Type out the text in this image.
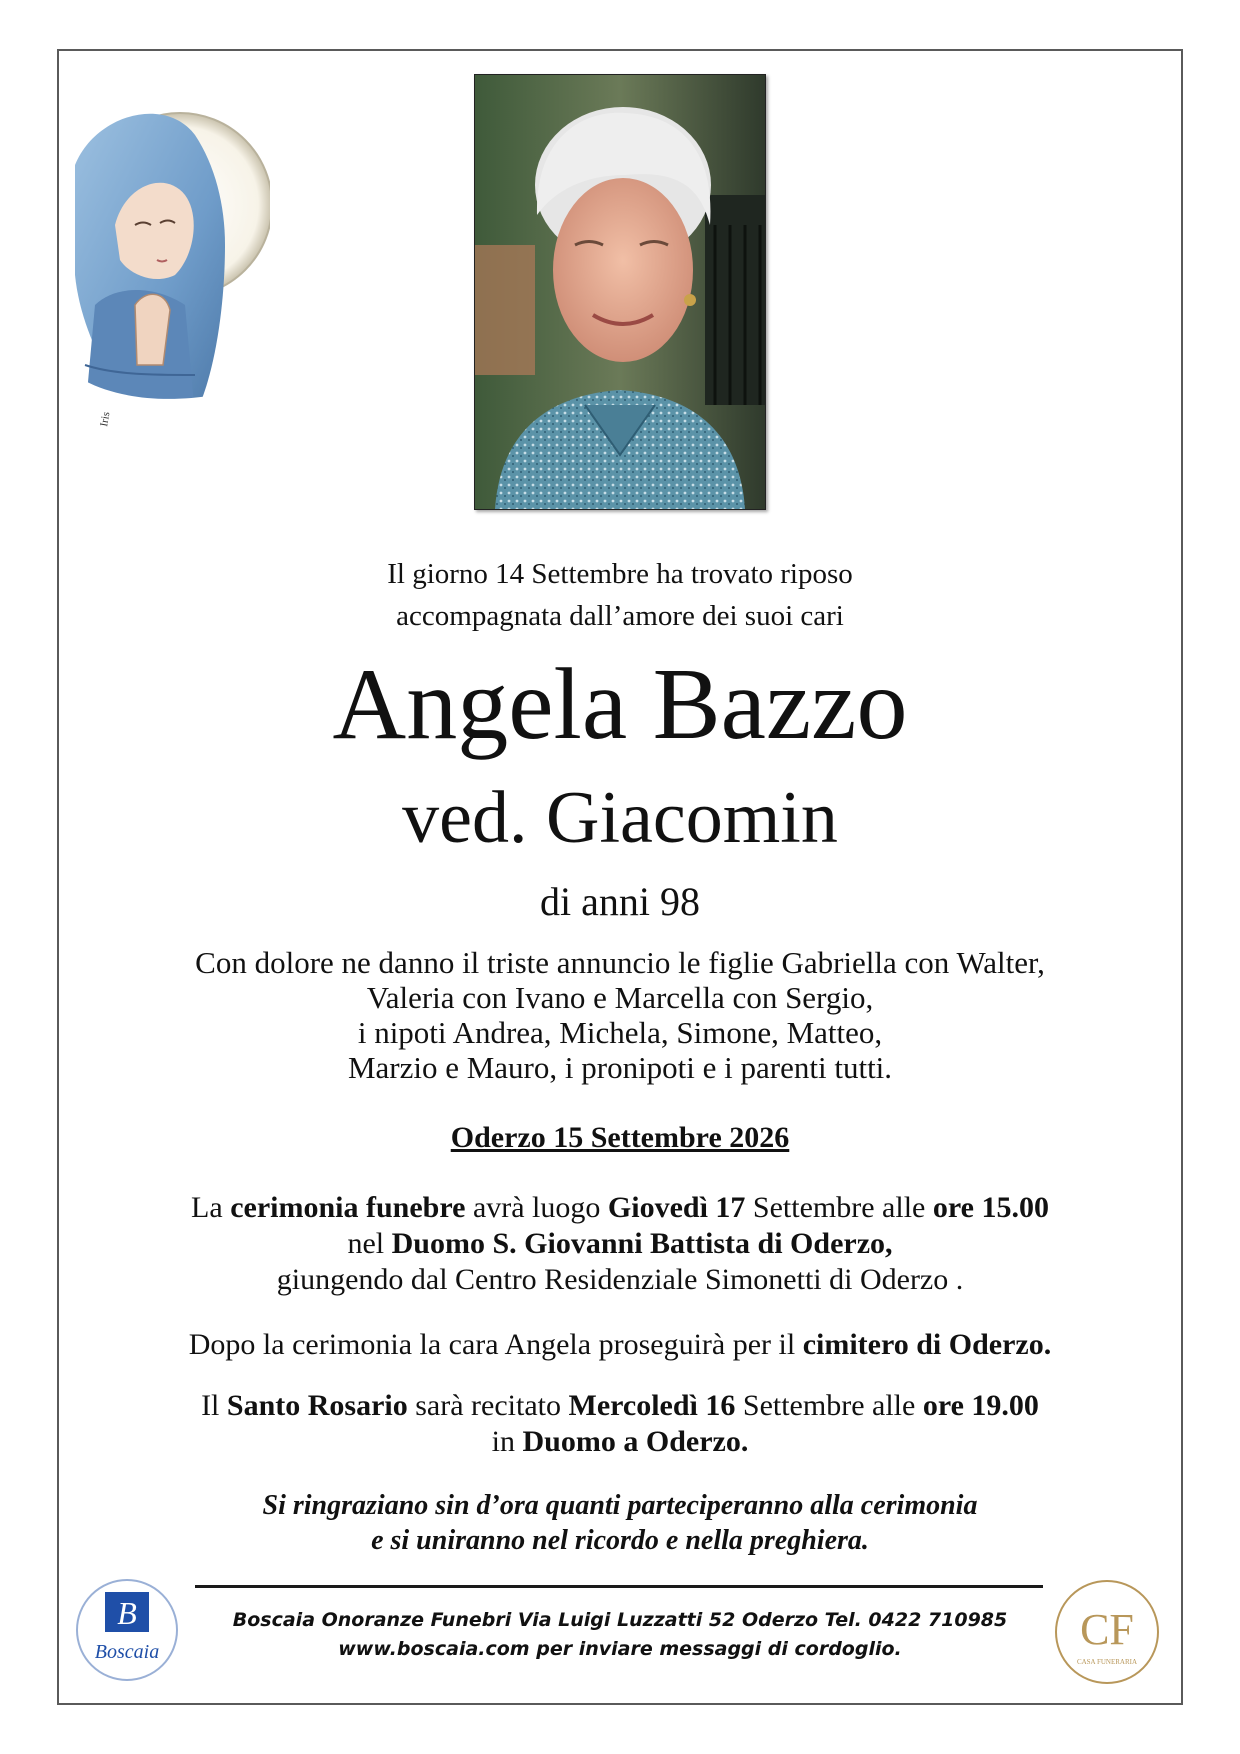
Iris
Il giorno 14 Settembre ha trovato riposo
accompagnata dall’amore dei suoi cari
Angela Bazzo
ved. Giacomin
di anni 98
Con dolore ne danno il triste annuncio le figlie Gabriella con Walter,
Valeria con Ivano e Marcella con Sergio,
i nipoti Andrea, Michela, Simone, Matteo,
Marzio e Mauro, i pronipoti e i parenti tutti.
Oderzo 15 Settembre 2026
La cerimonia funebre avrà luogo Giovedì 17 Settembre alle ore 15.00
nel Duomo S. Giovanni Battista di Oderzo,
giungendo dal Centro Residenziale Simonetti di Oderzo .
Dopo la cerimonia la cara Angela proseguirà per il cimitero di Oderzo.
Il Santo Rosario sarà recitato Mercoledì 16 Settembre alle ore 19.00
in Duomo a Oderzo.
Si ringraziano sin d’ora quanti parteciperanno alla cerimonia
e si uniranno nel ricordo e nella preghiera.
Boscaia Onoranze Funebri Via Luigi Luzzatti 52 Oderzo Tel. 0422 710985
www.boscaia.com per inviare messaggi di cordoglio.
B
Boscaia	CF
CASA FUNERARIA
